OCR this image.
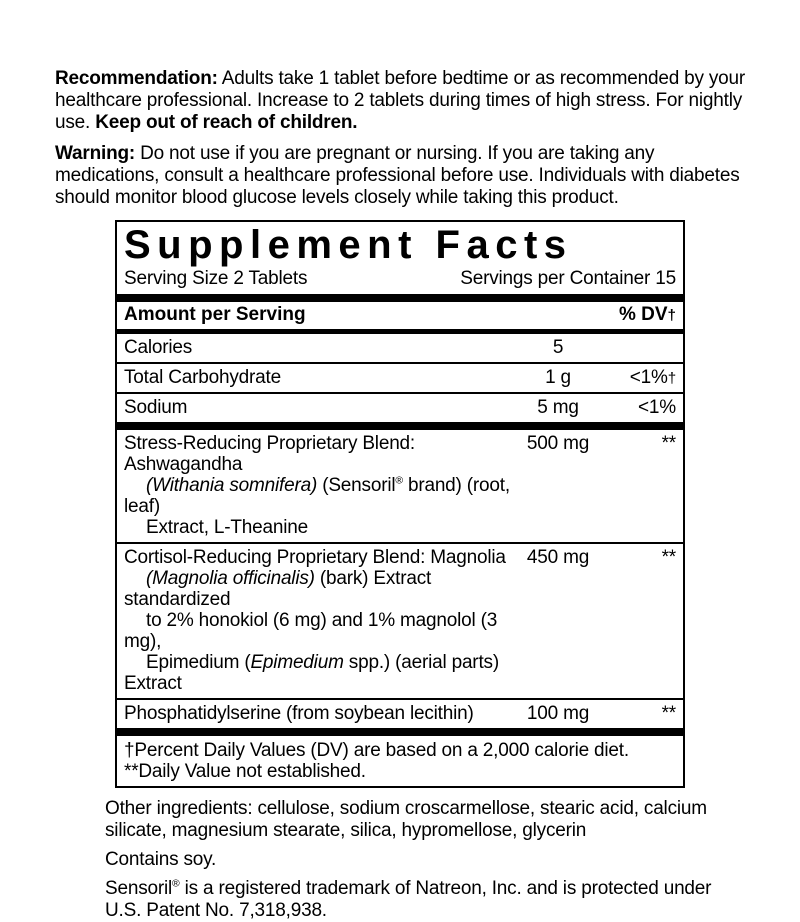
Recommendation: Adults take 1 tablet before bedtime or as recommended by your healthcare professional. Increase to 2 tablets during times of high stress. For nightly use. Keep out of reach of children.

Warning: Do not use if you are pregnant or nursing. If you are taking any medications, consult a healthcare professional before use. Individuals with diabetes should monitor blood glucose levels closely while taking this product.

Supplement Facts
Serving Size 2 Tablets	Servings per Container 15
Amount per Serving	% DV†
Calories	5
Total Carbohydrate	1 g	<1%†
Sodium	5 mg	<1%
Stress-Reducing Proprietary Blend: Ashwagandha
(Withania somnifera) (Sensoril® brand) (root, leaf)
Extract, L-Theanine
500 mg	**
Cortisol-Reducing Proprietary Blend: Magnolia
(Magnolia officinalis) (bark) Extract standardized
to 2% honokiol (6 mg) and 1% magnolol (3 mg),
Epimedium (Epimedium spp.) (aerial parts) Extract
450 mg	**
Phosphatidylserine (from soybean lecithin)	100 mg	**
†Percent Daily Values (DV) are based on a 2,000 calorie diet.
**Daily Value not established.

Other ingredients: cellulose, sodium croscarmellose, stearic acid, calcium silicate, magnesium stearate, silica, hypromellose, glycerin

Contains soy.

Sensoril® is a registered trademark of Natreon, Inc. and is protected under U.S. Patent No. 7,318,938.
